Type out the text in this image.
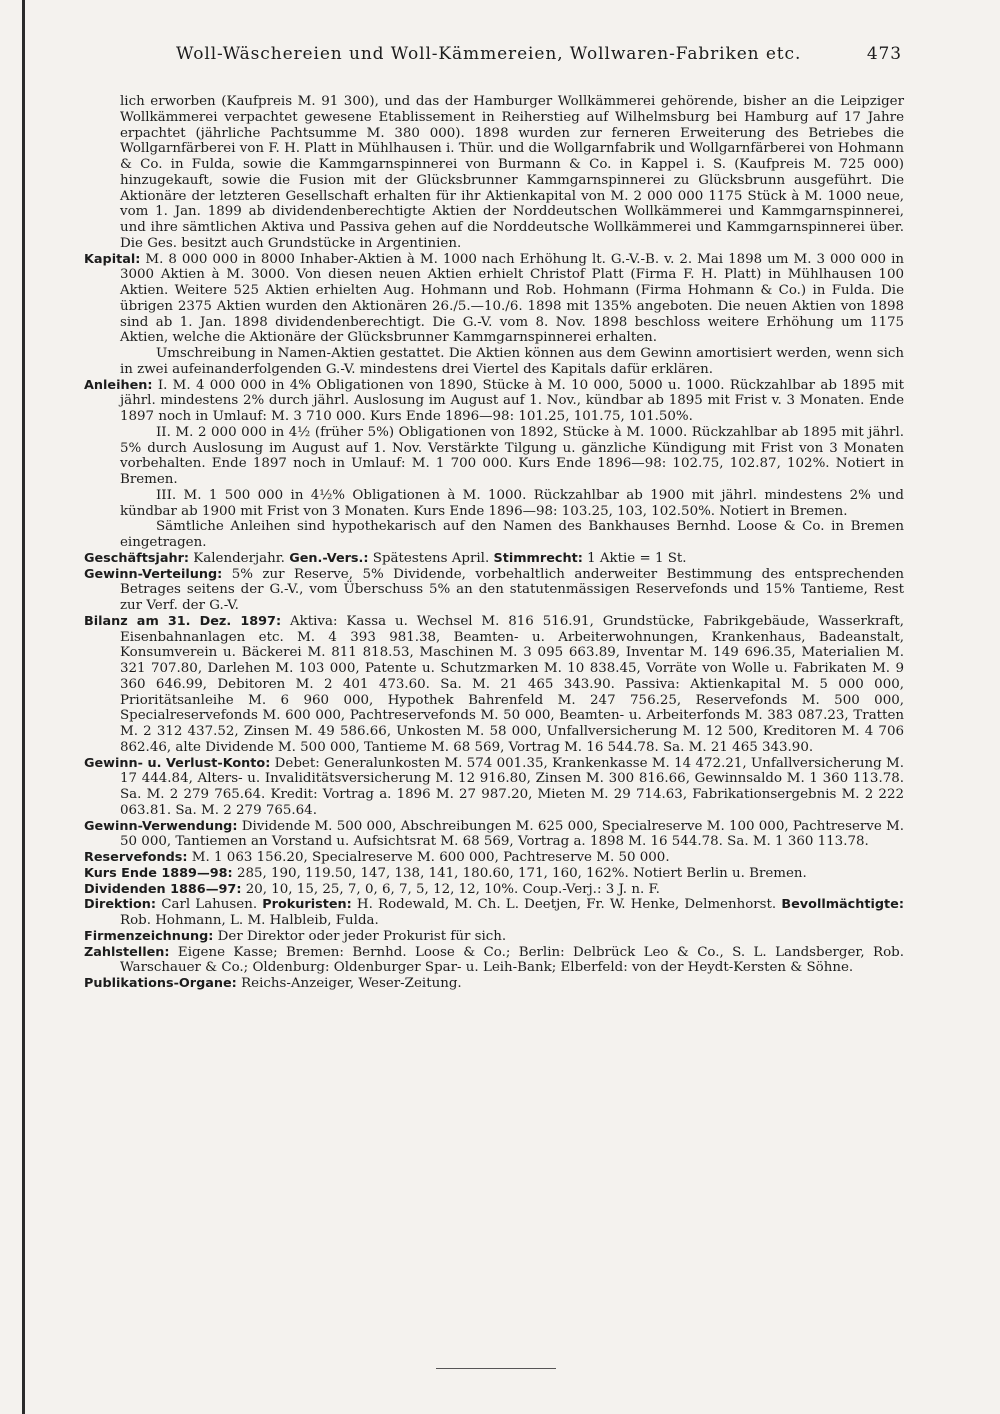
Woll-Wäschereien und Woll-Kämmereien, Wollwaren-Fabriken etc.	473

lich erworben (Kaufpreis M. 91 300), und das der Hamburger Wollkämmerei gehörende, bisher an die Leipziger Wollkämmerei verpachtet gewesene Etablissement in Reiherstieg auf Wilhelmsburg bei Hamburg auf 17 Jahre erpachtet (jährliche Pachtsumme M. 380 000). 1898 wurden zur ferneren Erweiterung des Betriebes die Wollgarnfärberei von F. H. Platt in Mühlhausen i. Thür. und die Wollgarnfabrik und Wollgarnfärberei von Hohmann & Co. in Fulda, sowie die Kammgarnspinnerei von Burmann & Co. in Kappel i. S. (Kaufpreis M. 725 000) hinzugekauft, sowie die Fusion mit der Glücksbrunner Kammgarnspinnerei zu Glücksbrunn ausgeführt. Die Aktionäre der letzteren Gesellschaft erhalten für ihr Aktienkapital von M. 2 000 000 1175 Stück à M. 1000 neue, vom 1. Jan. 1899 ab dividendenberechtigte Aktien der Norddeutschen Wollkämmerei und Kammgarnspinnerei, und ihre sämtlichen Aktiva und Passiva gehen auf die Norddeutsche Wollkämmerei und Kammgarnspinnerei über. Die Ges. besitzt auch Grundstücke in Argentinien.

Kapital: M. 8 000 000 in 8000 Inhaber-Aktien à M. 1000 nach Erhöhung lt. G.-V.-B. v. 2. Mai 1898 um M. 3 000 000 in 3000 Aktien à M. 3000. Von diesen neuen Aktien erhielt Christof Platt (Firma F. H. Platt) in Mühlhausen 100 Aktien. Weitere 525 Aktien erhielten Aug. Hohmann und Rob. Hohmann (Firma Hohmann & Co.) in Fulda. Die übrigen 2375 Aktien wurden den Aktionären 26./5.—10./6. 1898 mit 135% angeboten. Die neuen Aktien von 1898 sind ab 1. Jan. 1898 dividendenberechtigt. Die G.-V. vom 8. Nov. 1898 beschloss weitere Erhöhung um 1175 Aktien, welche die Aktionäre der Glücksbrunner Kammgarnspinnerei erhalten.

Umschreibung in Namen-Aktien gestattet. Die Aktien können aus dem Gewinn amortisiert werden, wenn sich in zwei aufeinanderfolgenden G.-V. mindestens drei Viertel des Kapitals dafür erklären.

Anleihen: I. M. 4 000 000 in 4% Obligationen von 1890, Stücke à M. 10 000, 5000 u. 1000. Rückzahlbar ab 1895 mit jährl. mindestens 2% durch jährl. Auslosung im August auf 1. Nov., kündbar ab 1895 mit Frist v. 3 Monaten. Ende 1897 noch in Umlauf: M. 3 710 000. Kurs Ende 1896—98: 101.25, 101.75, 101.50%.

II. M. 2 000 000 in 4½ (früher 5%) Obligationen von 1892, Stücke à M. 1000. Rückzahlbar ab 1895 mit jährl. 5% durch Auslosung im August auf 1. Nov. Verstärkte Tilgung u. gänzliche Kündigung mit Frist von 3 Monaten vorbehalten. Ende 1897 noch in Umlauf: M. 1 700 000. Kurs Ende 1896—98: 102.75, 102.87, 102%. Notiert in Bremen.

III. M. 1 500 000 in 4½% Obligationen à M. 1000. Rückzahlbar ab 1900 mit jährl. mindestens 2% und kündbar ab 1900 mit Frist von 3 Monaten. Kurs Ende 1896—98: 103.25, 103, 102.50%. Notiert in Bremen.

Sämtliche Anleihen sind hypothekarisch auf den Namen des Bankhauses Bernhd. Loose & Co. in Bremen eingetragen.

Geschäftsjahr: Kalenderjahr. Gen.-Vers.: Spätestens April. Stimmrecht: 1 Aktie = 1 St.

Gewinn-Verteilung: 5% zur Reserve, 5% Dividende, vorbehaltlich anderweiter Bestimmung des entsprechenden Betrages seitens der G.-V., vom Überschuss 5% an den statutenmässigen Reservefonds und 15% Tantieme, Rest zur Verf. der G.-V.

Bilanz am 31. Dez. 1897: Aktiva: Kassa u. Wechsel M. 816 516.91, Grundstücke, Fabrikgebäude, Wasserkraft, Eisenbahnanlagen etc. M. 4 393 981.38, Beamten- u. Arbeiterwohnungen, Krankenhaus, Badeanstalt, Konsumverein u. Bäckerei M. 811 818.53, Maschinen M. 3 095 663.89, Inventar M. 149 696.35, Materialien M. 321 707.80, Darlehen M. 103 000, Patente u. Schutzmarken M. 10 838.45, Vorräte von Wolle u. Fabrikaten M. 9 360 646.99, Debitoren M. 2 401 473.60. Sa. M. 21 465 343.90. Passiva: Aktienkapital M. 5 000 000, Prioritätsanleihe M. 6 960 000, Hypothek Bahrenfeld M. 247 756.25, Reservefonds M. 500 000, Specialreservefonds M. 600 000, Pachtreservefonds M. 50 000, Beamten- u. Arbeiterfonds M. 383 087.23, Tratten M. 2 312 437.52, Zinsen M. 49 586.66, Unkosten M. 58 000, Unfallversicherung M. 12 500, Kreditoren M. 4 706 862.46, alte Dividende M. 500 000, Tantieme M. 68 569, Vortrag M. 16 544.78. Sa. M. 21 465 343.90.

Gewinn- u. Verlust-Konto: Debet: Generalunkosten M. 574 001.35, Krankenkasse M. 14 472.21, Unfallversicherung M. 17 444.84, Alters- u. Invaliditätsversicherung M. 12 916.80, Zinsen M. 300 816.66, Gewinnsaldo M. 1 360 113.78. Sa. M. 2 279 765.64. Kredit: Vortrag a. 1896 M. 27 987.20, Mieten M. 29 714.63, Fabrikationsergebnis M. 2 222 063.81. Sa. M. 2 279 765.64.

Gewinn-Verwendung: Dividende M. 500 000, Abschreibungen M. 625 000, Specialreserve M. 100 000, Pachtreserve M. 50 000, Tantiemen an Vorstand u. Aufsichtsrat M. 68 569, Vortrag a. 1898 M. 16 544.78. Sa. M. 1 360 113.78.

Reservefonds: M. 1 063 156.20, Specialreserve M. 600 000, Pachtreserve M. 50 000.

Kurs Ende 1889—98: 285, 190, 119.50, 147, 138, 141, 180.60, 171, 160, 162%. Notiert Berlin u. Bremen.

Dividenden 1886—97: 20, 10, 15, 25, 7, 0, 6, 7, 5, 12, 12, 10%. Coup.-Verj.: 3 J. n. F.

Direktion: Carl Lahusen. Prokuristen: H. Rodewald, M. Ch. L. Deetjen, Fr. W. Henke, Delmenhorst. Bevollmächtigte: Rob. Hohmann, L. M. Halbleib, Fulda.

Firmenzeichnung: Der Direktor oder jeder Prokurist für sich.

Zahlstellen: Eigene Kasse; Bremen: Bernhd. Loose & Co.; Berlin: Delbrück Leo & Co., S. L. Landsberger, Rob. Warschauer & Co.; Oldenburg: Oldenburger Spar- u. Leih-Bank; Elberfeld: von der Heydt-Kersten & Söhne.

Publikations-Organe: Reichs-Anzeiger, Weser-Zeitung.
